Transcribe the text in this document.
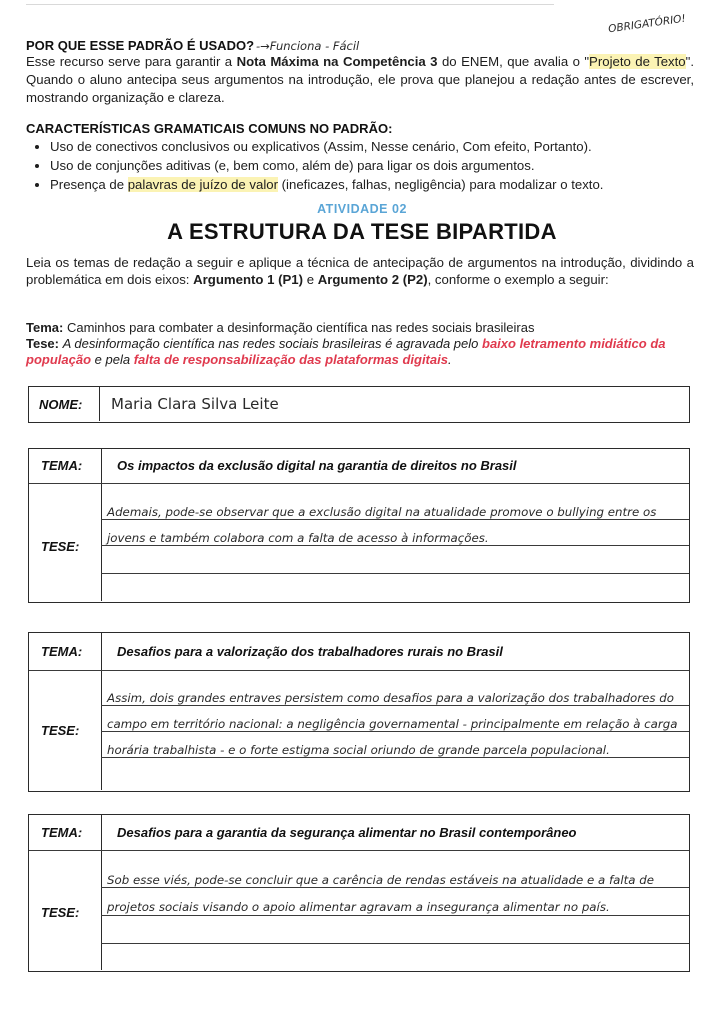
OBRIGATÓRIO!
POR QUE ESSE PADRÃO É USADO? -→Funciona - Fácil
Esse recurso serve para garantir a Nota Máxima na Competência 3 do ENEM, que avalia o "Projeto de Texto". Quando o aluno antecipa seus argumentos na introdução, ele prova que planejou a redação antes de escrever, mostrando organização e clareza.
CARACTERÍSTICAS GRAMATICAIS COMUNS NO PADRÃO:
• Uso de conectivos conclusivos ou explicativos (Assim, Nesse cenário, Com efeito, Portanto).
• Uso de conjunções aditivas (e, bem como, além de) para ligar os dois argumentos.
• Presença de palavras de juízo de valor (ineficazes, falhas, negligência) para modalizar o texto.
ATIVIDADE 02
A ESTRUTURA DA TESE BIPARTIDA
Leia os temas de redação a seguir e aplique a técnica de antecipação de argumentos na introdução, dividindo a problemática em dois eixos: Argumento 1 (P1) e Argumento 2 (P2), conforme o exemplo a seguir:
Tema: Caminhos para combater a desinformação científica nas redes sociais brasileiras
Tese: A desinformação científica nas redes sociais brasileiras é agravada pelo baixo letramento midiático da população e pela falta de responsabilização das plataformas digitais.
NOME: Maria Clara Silva Leite
TEMA:	Os impactos da exclusão digital na garantia de direitos no Brasil
TESE:
Ademais, pode-se observar que a exclusão digital na atualidade promove o bullying entre os jovens e também colabora com a falta de acesso à informações.
TEMA:	Desafios para a valorização dos trabalhadores rurais no Brasil
TESE:
Assim, dois grandes entraves persistem como desafios para a valorização dos trabalhadores do campo em território nacional: a negligência governamental - principalmente em relação à carga horária trabalhista - e o forte estigma social oriundo de grande parcela populacional.
TEMA:	Desafios para a garantia da segurança alimentar no Brasil contemporâneo
TESE:
Sob esse viés, pode-se concluir que a carência de rendas estáveis na atualidade e a falta de projetos sociais visando o apoio alimentar agravam a insegurança alimentar no país.
